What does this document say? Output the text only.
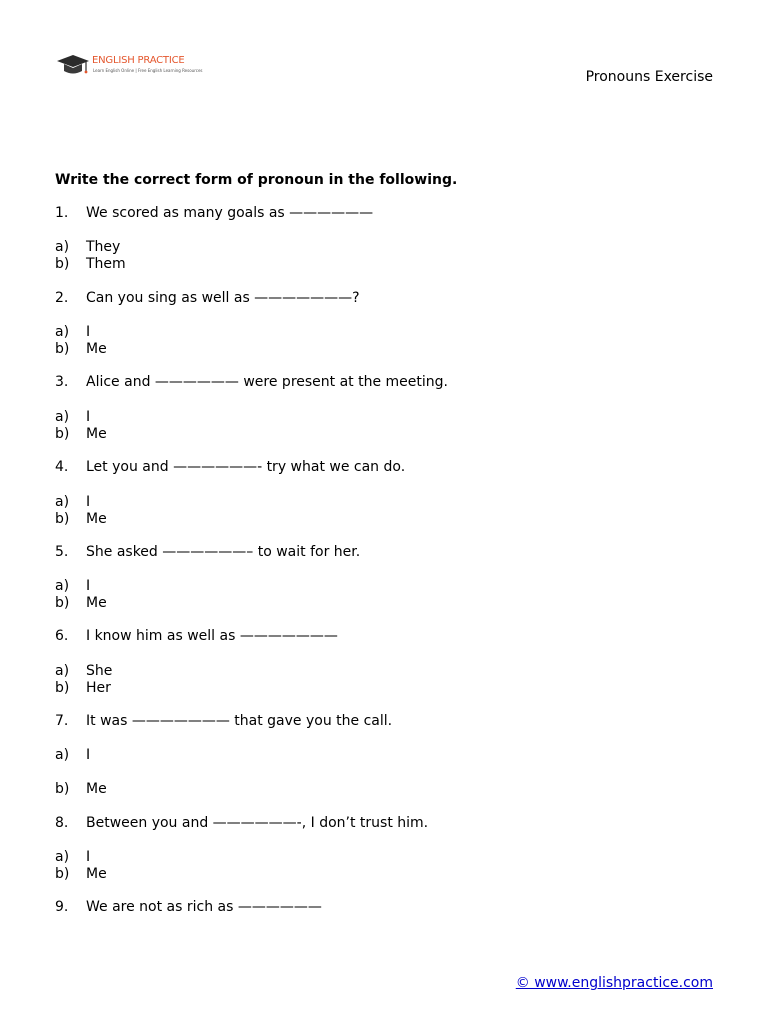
ENGLISH PRACTICE
Learn English Online | Free English Learning Resources	Pronouns Exercise
Write the correct form of pronoun in the following.
1. We scored as many goals as ——————
a) They
b) Them
2. Can you sing as well as ———————?
a) I
b) Me
3. Alice and —————— were present at the meeting.
a) I
b) Me
4. Let you and ——————- try what we can do.
a) I
b) Me
5. She asked ——————– to wait for her.
a) I
b) Me
6. I know him as well as ———————
a) She
b) Her
7. It was ——————— that gave you the call.
a) I
b) Me
8. Between you and ——————-, I don’t trust him.
a) I
b) Me
9. We are not as rich as ——————
© www.englishpractice.com
